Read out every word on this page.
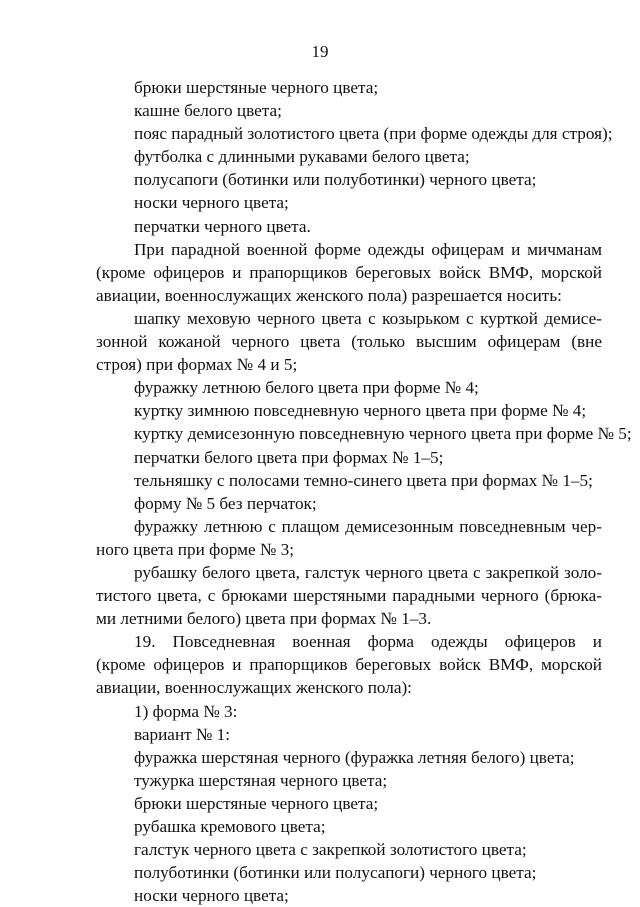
19
брюки шерстяные черного цвета;
кашне белого цвета;
пояс парадный золотистого цвета (при форме одежды для строя);
футболка с длинными рукавами белого цвета;
полусапоги (ботинки или полуботинки) черного цвета;
носки черного цвета;
перчатки черного цвета.
При парадной военной форме одежды офицерам и мичманам
(кроме офицеров и прапорщиков береговых войск ВМФ, морской
авиации, военнослужащих женского пола) разрешается носить:
шапку меховую черного цвета с козырьком с курткой демисе-
зонной кожаной черного цвета (только высшим офицерам (вне
строя) при формах № 4 и 5;
фуражку летнюю белого цвета при форме № 4;
куртку зимнюю повседневную черного цвета при форме № 4;
куртку демисезонную повседневную черного цвета при форме № 5;
перчатки белого цвета при формах № 1–5;
тельняшку с полосами темно-синего цвета при формах № 1–5;
форму № 5 без перчаток;
фуражку летнюю с плащом демисезонным повседневным чер-
ного цвета при форме № 3;
рубашку белого цвета, галстук черного цвета с закрепкой золо-
тистого цвета, с брюками шерстяными парадными черного (брюка-
ми летними белого) цвета при формах № 1–3.
19. Повседневная военная форма одежды офицеров и
(кроме офицеров и прапорщиков береговых войск ВМФ, морской
авиации, военнослужащих женского пола):
1) форма № 3:
вариант № 1:
фуражка шерстяная черного (фуражка летняя белого) цвета;
тужурка шерстяная черного цвета;
брюки шерстяные черного цвета;
рубашка кремового цвета;
галстук черного цвета с закрепкой золотистого цвета;
полуботинки (ботинки или полусапоги) черного цвета;
носки черного цвета;
